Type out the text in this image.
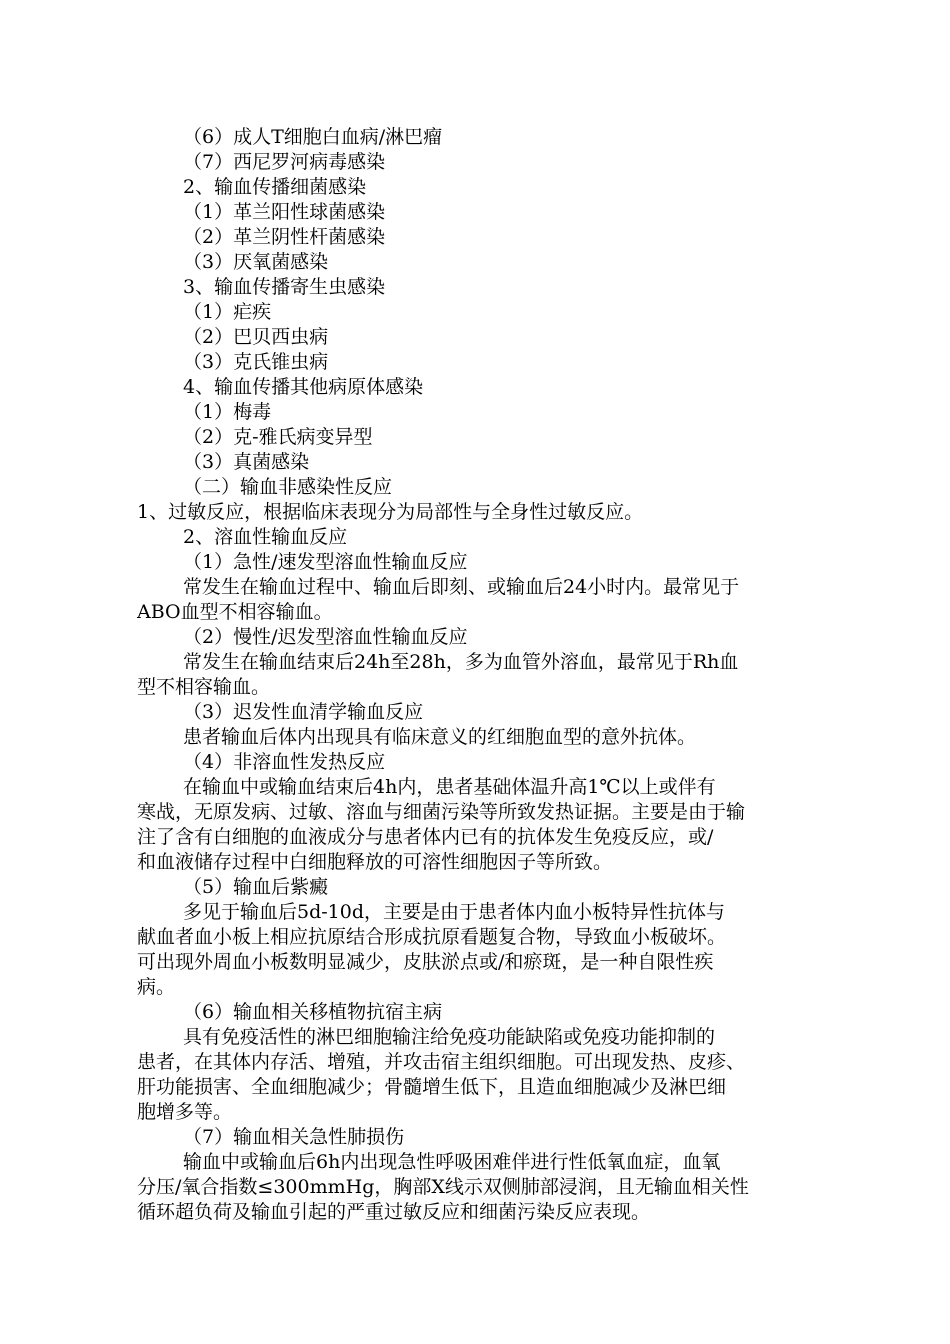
（6）成人T细胞白血病/淋巴瘤
（7）西尼罗河病毒感染
2、输血传播细菌感染
（1）革兰阳性球菌感染
（2）革兰阴性杆菌感染
（3）厌氧菌感染
3、输血传播寄生虫感染
（1）疟疾
（2）巴贝西虫病
（3）克氏锥虫病
4、输血传播其他病原体感染
（1）梅毒
（2）克-雅氏病变异型
（3）真菌感染
（二）输血非感染性反应
1、过敏反应，根据临床表现分为局部性与全身性过敏反应。
2、溶血性输血反应
（1）急性/速发型溶血性输血反应
常发生在输血过程中、输血后即刻、或输血后24小时内。最常见于
ABO血型不相容输血。
（2）慢性/迟发型溶血性输血反应
常发生在输血结束后24h至28h，多为血管外溶血，最常见于Rh血
型不相容输血。
（3）迟发性血清学输血反应
患者输血后体内出现具有临床意义的红细胞血型的意外抗体。
（4）非溶血性发热反应
在输血中或输血结束后4h内，患者基础体温升高1℃以上或伴有
寒战，无原发病、过敏、溶血与细菌污染等所致发热证据。主要是由于输
注了含有白细胞的血液成分与患者体内已有的抗体发生免疫反应，或/
和血液储存过程中白细胞释放的可溶性细胞因子等所致。
（5）输血后紫癜
多见于输血后5d-10d，主要是由于患者体内血小板特异性抗体与
献血者血小板上相应抗原结合形成抗原看题复合物，导致血小板破坏。
可出现外周血小板数明显减少，皮肤淤点或/和瘀斑，是一种自限性疾
病。
（6）输血相关移植物抗宿主病
具有免疫活性的淋巴细胞输注给免疫功能缺陷或免疫功能抑制的
患者，在其体内存活、增殖，并攻击宿主组织细胞。可出现发热、皮疹、
肝功能损害、全血细胞减少；骨髓增生低下，且造血细胞减少及淋巴细
胞增多等。
（7）输血相关急性肺损伤
输血中或输血后6h内出现急性呼吸困难伴进行性低氧血症，血氧
分压/氧合指数≤300mmHg，胸部X线示双侧肺部浸润，且无输血相关性
循环超负荷及输血引起的严重过敏反应和细菌污染反应表现。
